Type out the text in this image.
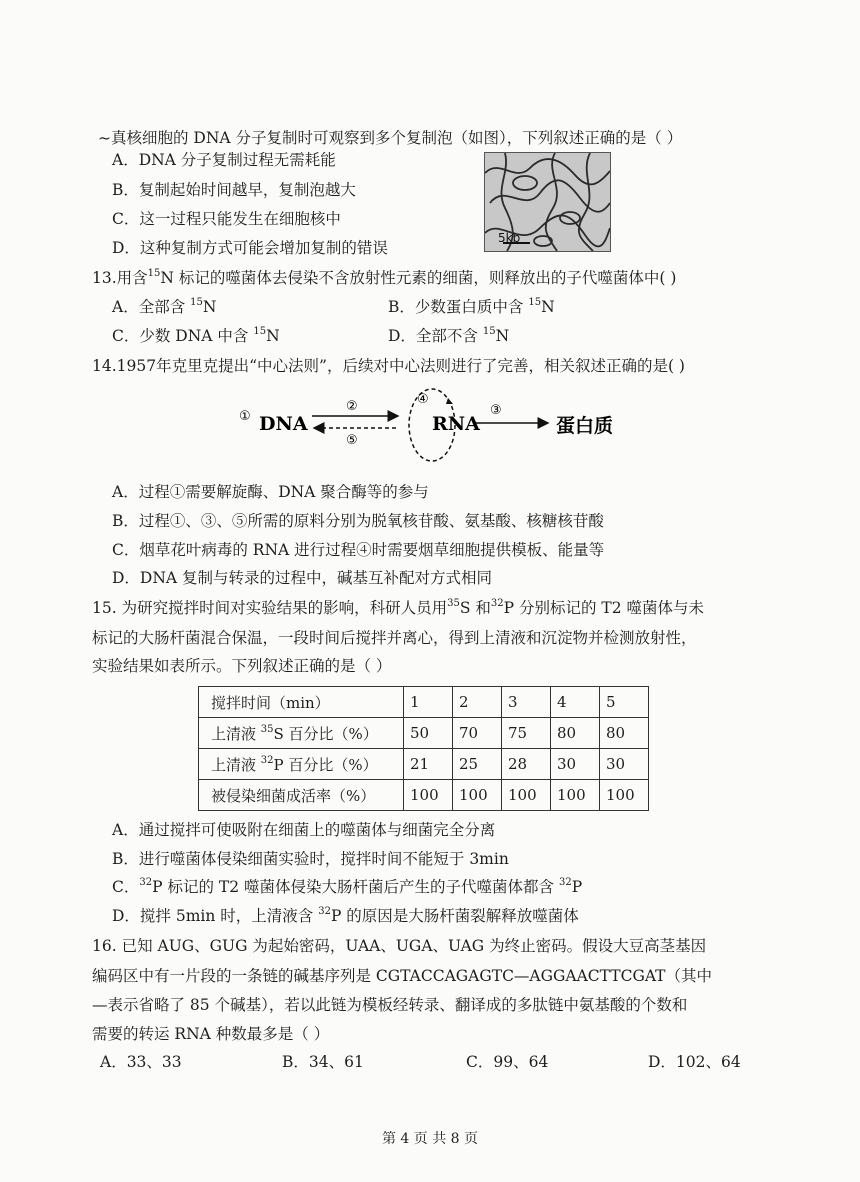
~真核细胞的 DNA 分子复制时可观察到多个复制泡（如图），下列叙述正确的是（ ）
A．DNA 分子复制过程无需耗能
B．复制起始时间越早，复制泡越大
C．这一过程只能发生在细胞核中
D．这种复制方式可能会增加复制的错误
5kb
13.用含$^{15}$N 标记的噬菌体去侵染不含放射性元素的细菌，则释放出的子代噬菌体中( )
A．全部含 $^{15}$N	B．少数蛋白质中含 $^{15}$N
C．少数 DNA 中含 $^{15}$N	D．全部不含 $^{15}$N
14.1957年克里克提出“中心法则”，后续对中心法则进行了完善，相关叙述正确的是( )
① DNA
②
⑤
④
RNA
③
蛋白质
A．过程①需要解旋酶、DNA 聚合酶等的参与
B．过程①、③、⑤所需的原料分别为脱氧核苷酸、氨基酸、核糖核苷酸
C．烟草花叶病毒的 RNA 进行过程④时需要烟草细胞提供模板、能量等
D．DNA 复制与转录的过程中，碱基互补配对方式相同
15. 为研究搅拌时间对实验结果的影响，科研人员用$^{35}$S 和$^{32}$P 分别标记的 T2 噬菌体与未
标记的大肠杆菌混合保温，一段时间后搅拌并离心，得到上清液和沉淀物并检测放射性，
实验结果如表所示。下列叙述正确的是（ ）
搅拌时间（min）	1	2	3	4	5
上清液 $^{35}$S 百分比（%）	50	70	75	80	80
上清液 $^{32}$P 百分比（%）	21	25	28	30	30
被侵染细菌成活率（%）	100	100	100	100	100
A．通过搅拌可使吸附在细菌上的噬菌体与细菌完全分离
B．进行噬菌体侵染细菌实验时，搅拌时间不能短于 3min
C．$^{32}$P 标记的 T2 噬菌体侵染大肠杆菌后产生的子代噬菌体都含 $^{32}$P
D．搅拌 5min 时，上清液含 $^{32}$P 的原因是大肠杆菌裂解释放噬菌体
16. 已知 AUG、GUG 为起始密码，UAA、UGA、UAG 为终止密码。假设大豆高茎基因
编码区中有一片段的一条链的碱基序列是 CGTACCAGAGTC—AGGAACTTCGAT（其中
—表示省略了 85 个碱基），若以此链为模板经转录、翻译成的多肽链中氨基酸的个数和
需要的转运 RNA 种数最多是（ ）
A．33、33	B．34、61	C．99、64	D．102、64
第 4 页 共 8 页
